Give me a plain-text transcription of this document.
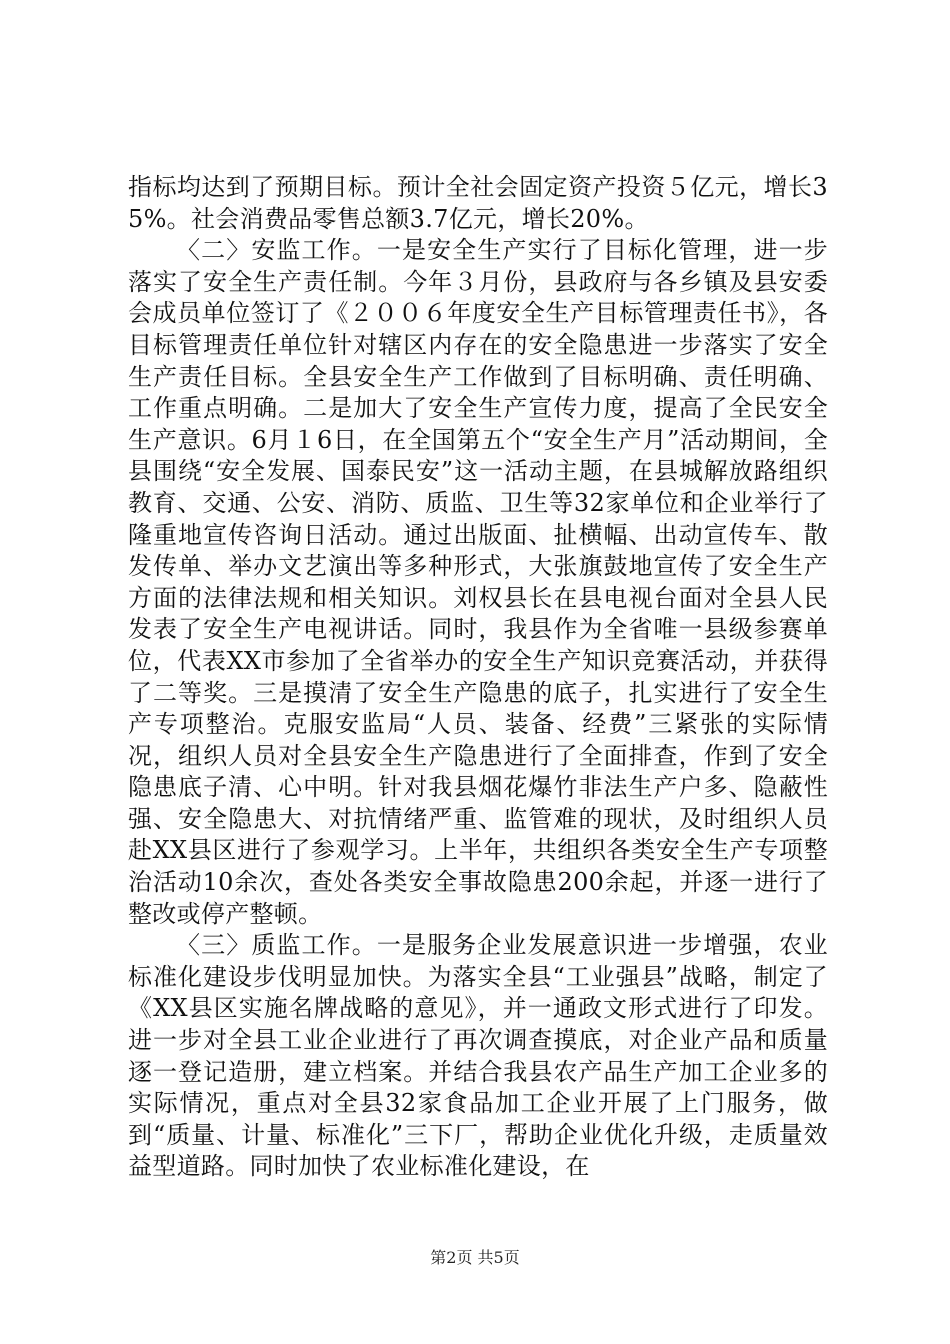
指标均达到了预期目标。预计全社会固定资产投资５亿元，增长35%。社会消费品零售总额3.7亿元，增长20%。

〈二〉安监工作。一是安全生产实行了目标化管理，进一步落实了安全生产责任制。今年３月份，县政府与各乡镇及县安委会成员单位签订了《２００６年度安全生产目标管理责任书》，各目标管理责任单位针对辖区内存在的安全隐患进一步落实了安全生产责任目标。全县安全生产工作做到了目标明确、责任明确、工作重点明确。二是加大了安全生产宣传力度，提高了全民安全生产意识。6月１6日，在全国第五个“安全生产月”活动期间，全县围绕“安全发展、国泰民安”这一活动主题，在县城解放路组织教育、交通、公安、消防、质监、卫生等32家单位和企业举行了隆重地宣传咨询日活动。通过出版面、扯横幅、出动宣传车、散发传单、举办文艺演出等多种形式，大张旗鼓地宣传了安全生产方面的法律法规和相关知识。刘权县长在县电视台面对全县人民发表了安全生产电视讲话。同时，我县作为全省唯一县级参赛单位，代表XX市参加了全省举办的安全生产知识竞赛活动，并获得了二等奖。三是摸清了安全生产隐患的底子，扎实进行了安全生产专项整治。克服安监局“人员、装备、经费”三紧张的实际情况，组织人员对全县安全生产隐患进行了全面排查，作到了安全隐患底子清、心中明。针对我县烟花爆竹非法生产户多、隐蔽性强、安全隐患大、对抗情绪严重、监管难的现状，及时组织人员赴XX县区进行了参观学习。上半年，共组织各类安全生产专项整治活动10余次，查处各类安全事故隐患200余起，并逐一进行了整改或停产整顿。

〈三〉质监工作。一是服务企业发展意识进一步增强，农业标准化建设步伐明显加快。为落实全县“工业强县”战略，制定了《XX县区实施名牌战略的意见》，并一通政文形式进行了印发。进一步对全县工业企业进行了再次调查摸底，对企业产品和质量逐一登记造册，建立档案。并结合我县农产品生产加工企业多的实际情况，重点对全县32家食品加工企业开展了上门服务，做到“质量、计量、标准化”三下厂，帮助企业优化升级，走质量效益型道路。同时加快了农业标准化建设，在

第2页 共5页
